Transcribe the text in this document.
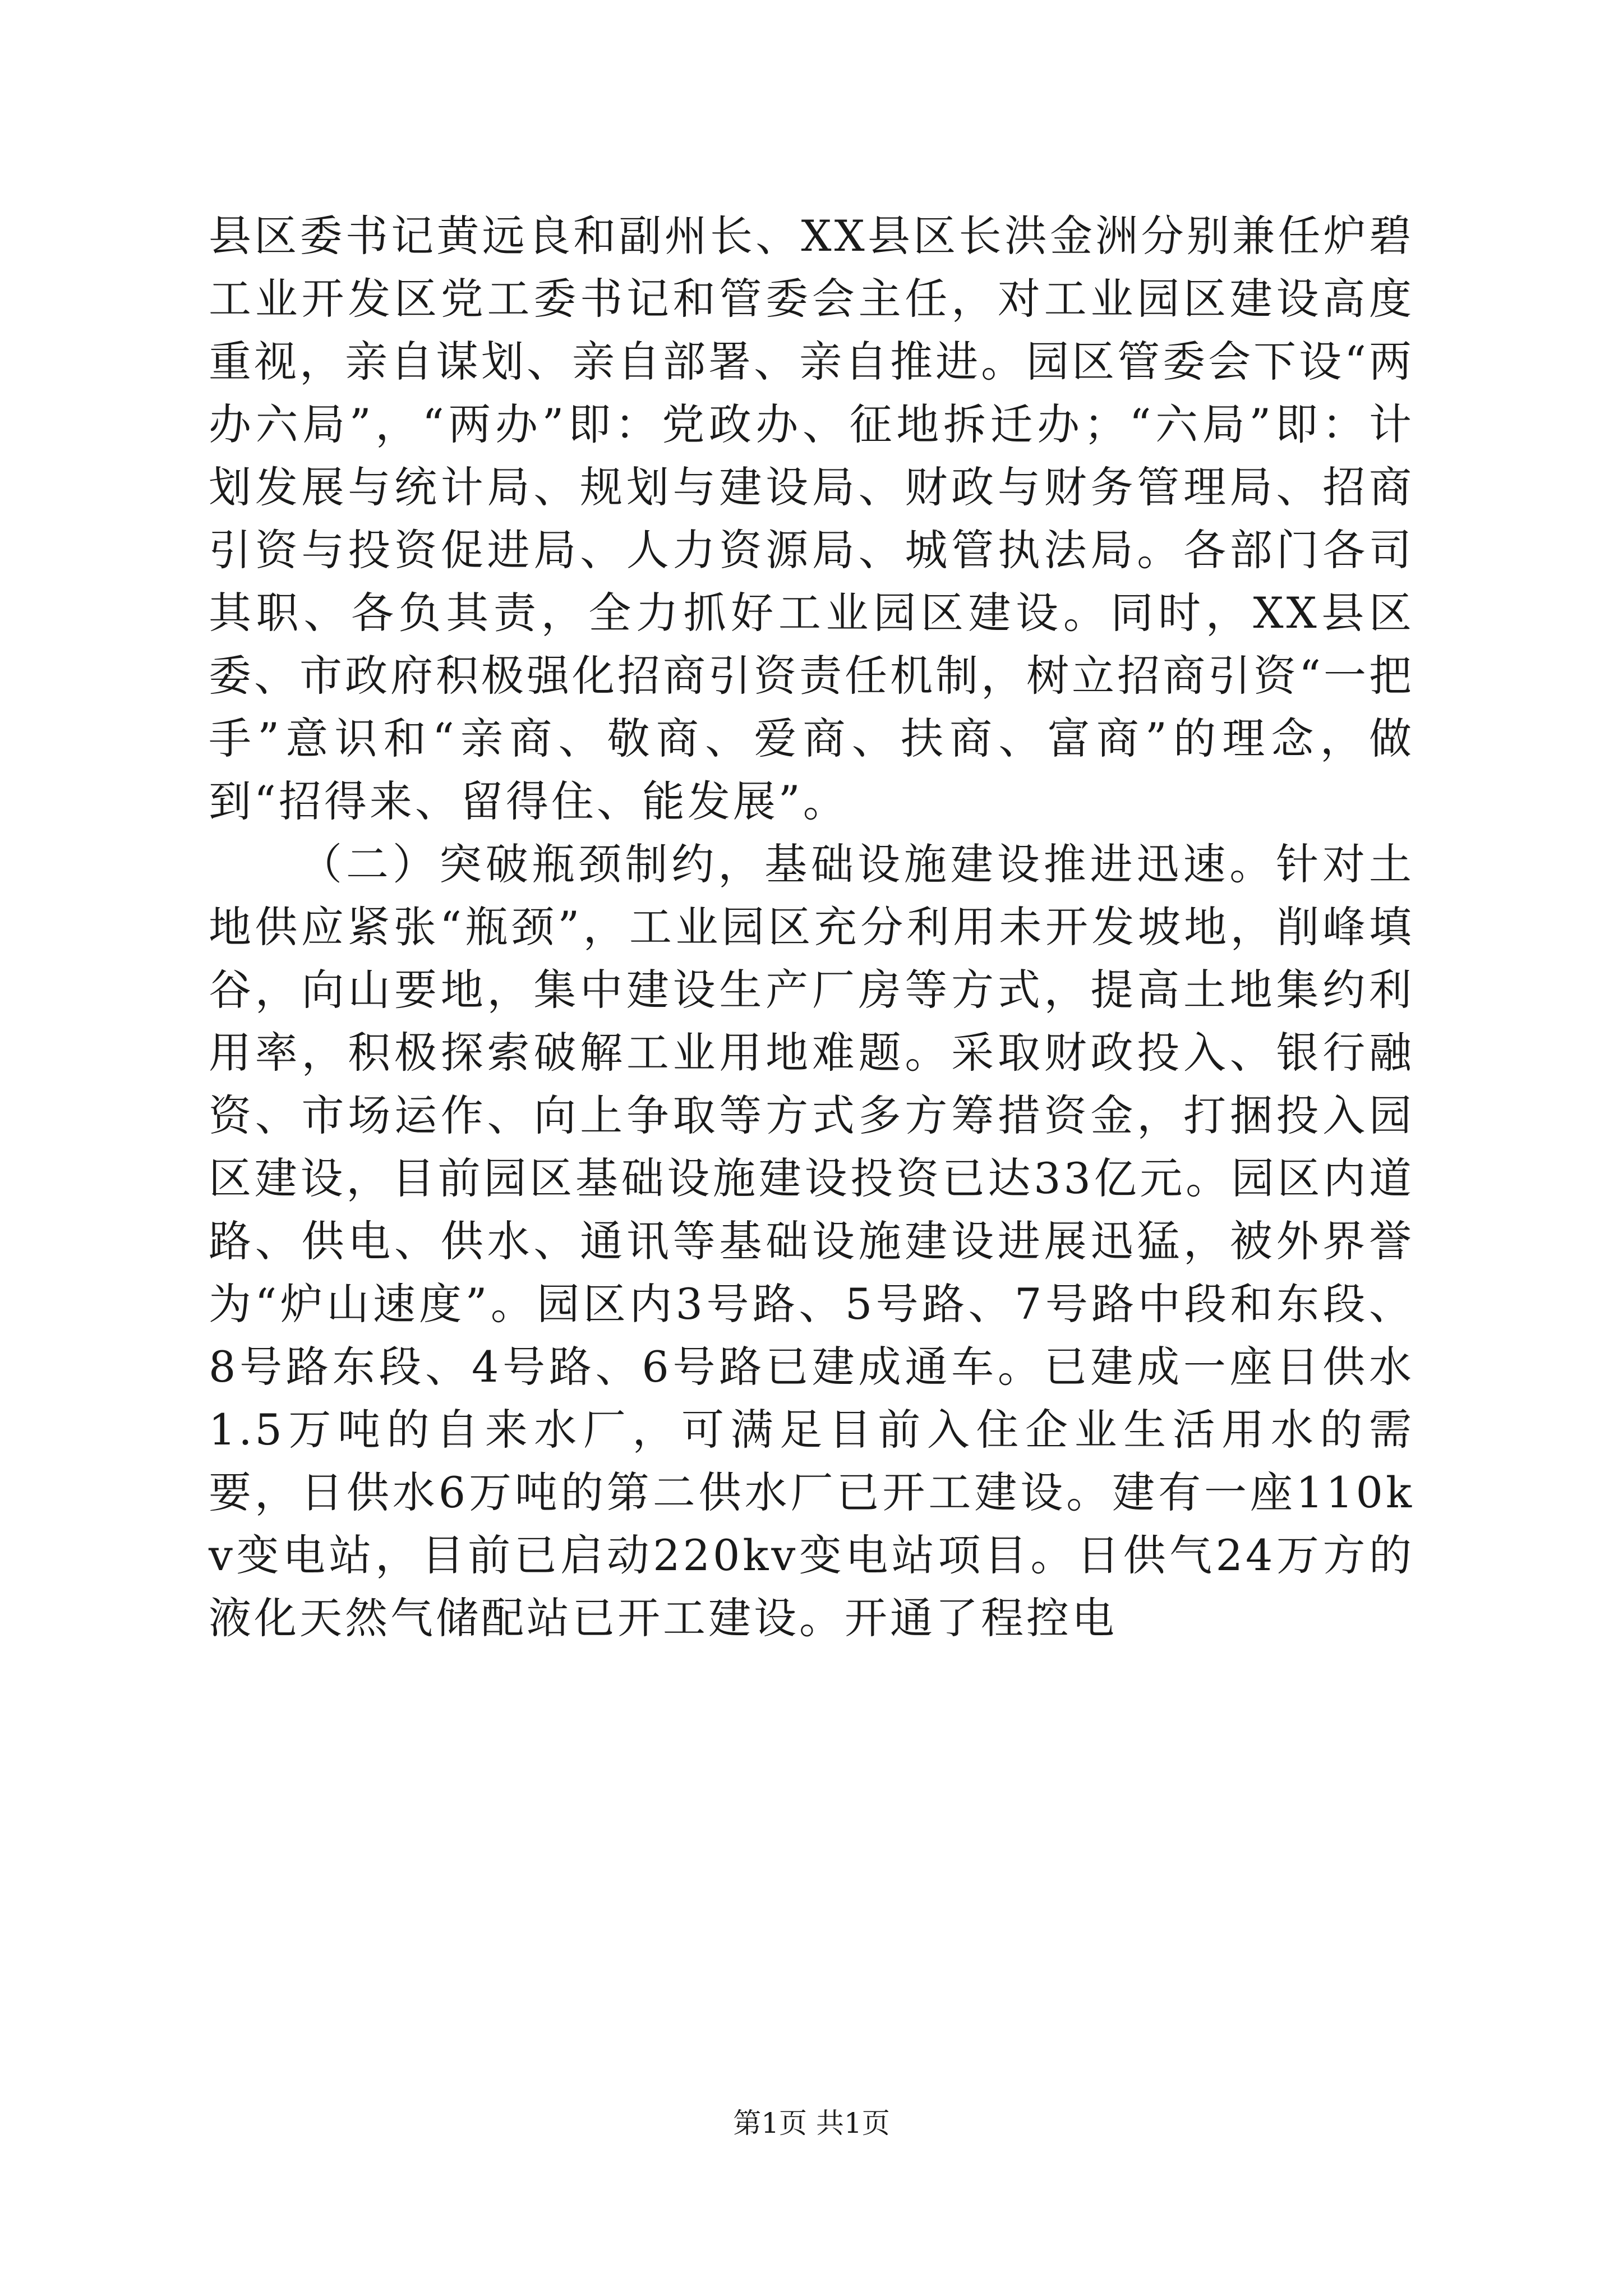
县区委书记黄远良和副州长、XX县区长洪金洲分别兼任炉碧工业开发区党工委书记和管委会主任，对工业园区建设高度重视，亲自谋划、亲自部署、亲自推进。园区管委会下设“两办六局”，“两办”即：党政办、征地拆迁办；“六局”即：计划发展与统计局、规划与建设局、财政与财务管理局、招商引资与投资促进局、人力资源局、城管执法局。各部门各司其职、各负其责，全力抓好工业园区建设。同时，XX县区委、市政府积极强化招商引资责任机制，树立招商引资“一把手”意识和“亲商、敬商、爱商、扶商、富商”的理念，做到“招得来、留得住、能发展”。

（二）突破瓶颈制约，基础设施建设推进迅速。针对土地供应紧张“瓶颈”，工业园区充分利用未开发坡地，削峰填谷，向山要地，集中建设生产厂房等方式，提高土地集约利用率，积极探索破解工业用地难题。采取财政投入、银行融资、市场运作、向上争取等方式多方筹措资金，打捆投入园区建设，目前园区基础设施建设投资已达33亿元。园区内道路、供电、供水、通讯等基础设施建设进展迅猛，被外界誉为“炉山速度”。园区内3号路、5号路、7号路中段和东段、8号路东段、4号路、6号路已建成通车。已建成一座日供水1.5万吨的自来水厂，可满足目前入住企业生活用水的需要，日供水6万吨的第二供水厂已开工建设。建有一座110kv变电站，目前已启动220kv变电站项目。日供气24万方的液化天然气储配站已开工建设。开通了程控电

第1页 共1页
